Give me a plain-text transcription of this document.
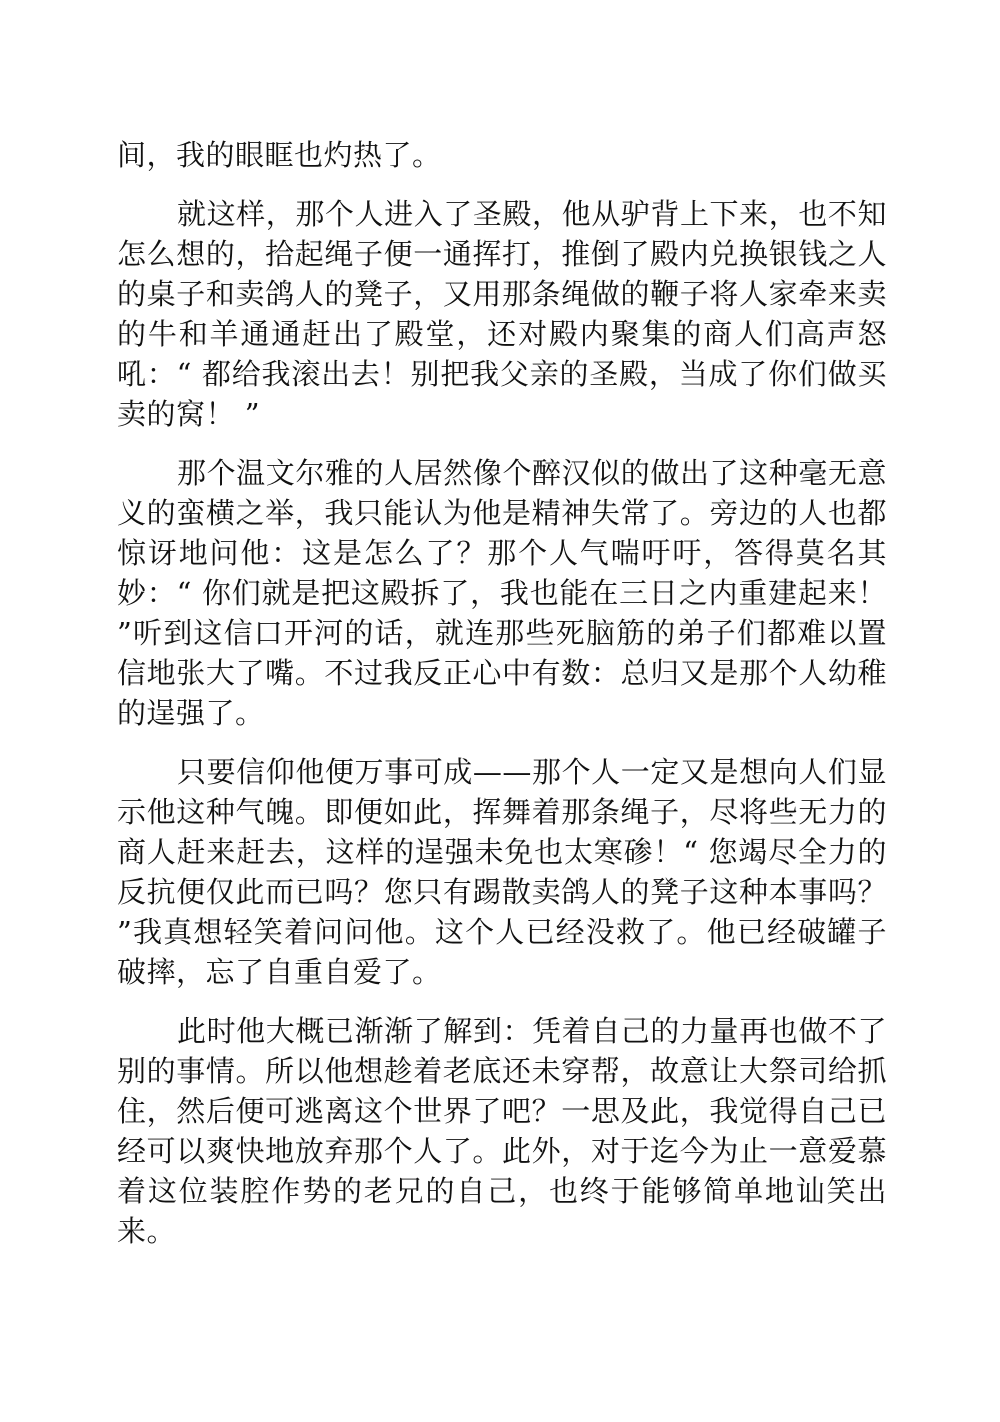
间，我的眼眶也灼热了。

就这样，那个人进入了圣殿，他从驴背上下来，也不知怎么想的，拾起绳子便一通挥打，推倒了殿内兑换银钱之人的桌子和卖鸽人的凳子，又用那条绳做的鞭子将人家牵来卖的牛和羊通通赶出了殿堂，还对殿内聚集的商人们高声怒吼：“ 都给我滚出去！别把我父亲的圣殿，当成了你们做买卖的窝！ ”

那个温文尔雅的人居然像个醉汉似的做出了这种毫无意义的蛮横之举，我只能认为他是精神失常了。旁边的人也都惊讶地问他：这是怎么了？那个人气喘吁吁，答得莫名其妙：“ 你们就是把这殿拆了，我也能在三日之内重建起来！ ”听到这信口开河的话，就连那些死脑筋的弟子们都难以置信地张大了嘴。不过我反正心中有数：总归又是那个人幼稚的逞强了。

只要信仰他便万事可成——那个人一定又是想向人们显示他这种气魄。即便如此，挥舞着那条绳子，尽将些无力的商人赶来赶去，这样的逞强未免也太寒碜！“ 您竭尽全力的反抗便仅此而已吗？您只有踢散卖鸽人的凳子这种本事吗？ ”我真想轻笑着问问他。这个人已经没救了。他已经破罐子破摔，忘了自重自爱了。

此时他大概已渐渐了解到：凭着自己的力量再也做不了别的事情。所以他想趁着老底还未穿帮，故意让大祭司给抓住，然后便可逃离这个世界了吧？一思及此，我觉得自己已经可以爽快地放弃那个人了。此外，对于迄今为止一意爱慕着这位装腔作势的老兄的自己，也终于能够简单地讪笑出来。
